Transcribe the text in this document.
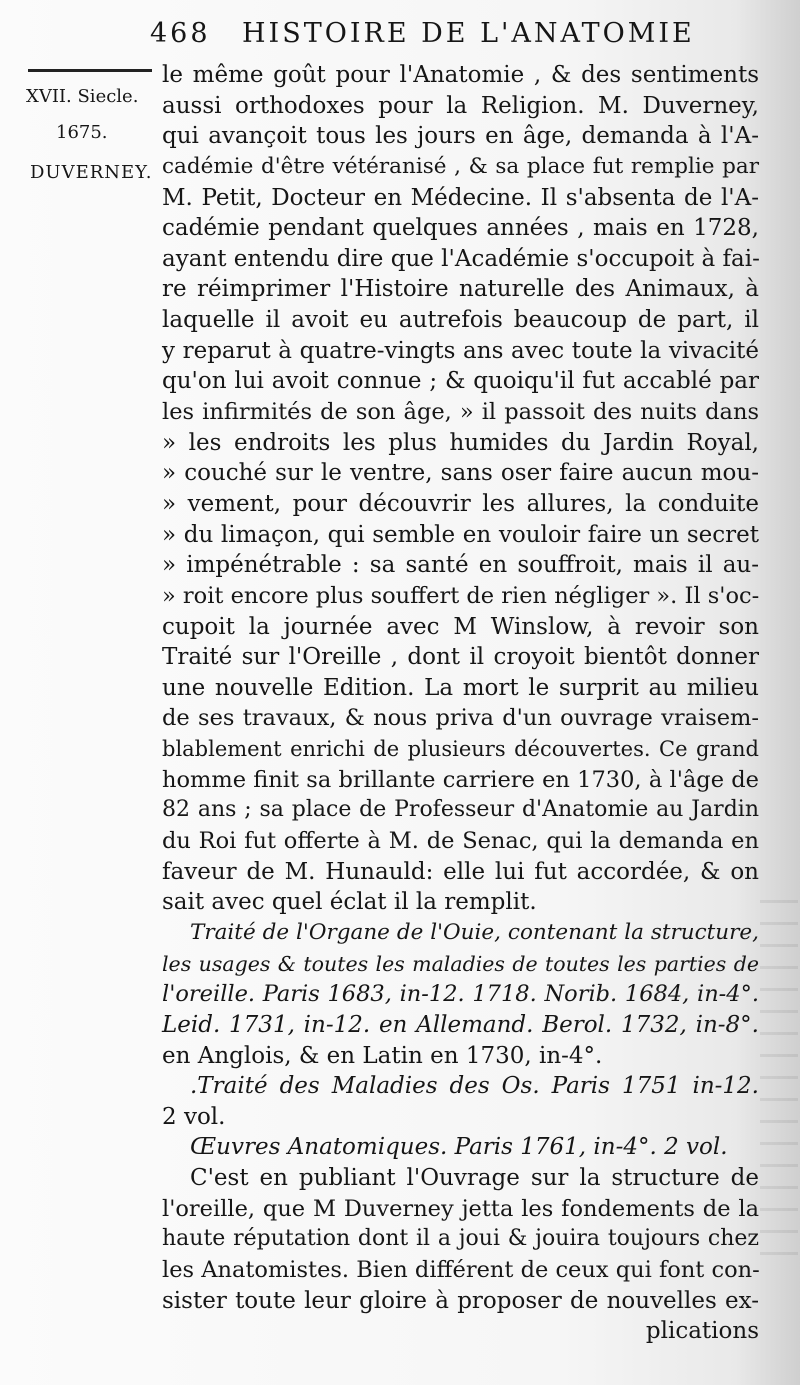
468 HISTOIRE DE L'ANATOMIE
XVII. Siecle.
1675.
DUVERNEY.
le même goût pour l'Anatomie , & des sentiments
aussi orthodoxes pour la Religion. M. Duverney,
qui avançoit tous les jours en âge, demanda à l'A-
cadémie d'être vétéranisé , & sa place fut remplie par
M. Petit, Docteur en Médecine. Il s'absenta de l'A-
cadémie pendant quelques années , mais en 1728,
ayant entendu dire que l'Académie s'occupoit à fai-
re réimprimer l'Histoire naturelle des Animaux, à
laquelle il avoit eu autrefois beaucoup de part, il
y reparut à quatre-vingts ans avec toute la vivacité
qu'on lui avoit connue ; & quoiqu'il fut accablé par
les infirmités de son âge, » il passoit des nuits dans
» les endroits les plus humides du Jardin Royal,
» couché sur le ventre, sans oser faire aucun mou-
» vement, pour découvrir les allures, la conduite
» du limaçon, qui semble en vouloir faire un secret
» impénétrable : sa santé en souffroit, mais il au-
» roit encore plus souffert de rien négliger ». Il s'oc-
cupoit la journée avec M Winslow, à revoir son
Traité sur l'Oreille , dont il croyoit bientôt donner
une nouvelle Edition. La mort le surprit au milieu
de ses travaux, & nous priva d'un ouvrage vraisem-
blablement enrichi de plusieurs découvertes. Ce grand
homme finit sa brillante carriere en 1730, à l'âge de
82 ans ; sa place de Professeur d'Anatomie au Jardin
du Roi fut offerte à M. de Senac, qui la demanda en
faveur de M. Hunauld: elle lui fut accordée, & on
sait avec quel éclat il la remplit.
Traité de l'Organe de l'Ouie, contenant la structure,
les usages & toutes les maladies de toutes les parties de
l'oreille. Paris 1683, in-12. 1718. Norib. 1684, in-4°.
Leid. 1731, in-12. en Allemand. Berol. 1732, in-8°.
en Anglois, & en Latin en 1730, in-4°.
.Traité des Maladies des Os. Paris 1751 in-12.
2 vol.
Œuvres Anatomiques. Paris 1761, in-4°. 2 vol.
C'est en publiant l'Ouvrage sur la structure de
l'oreille, que M Duverney jetta les fondements de la
haute réputation dont il a joui & jouira toujours chez
les Anatomistes. Bien différent de ceux qui font con-
sister toute leur gloire à proposer de nouvelles ex-
plications
